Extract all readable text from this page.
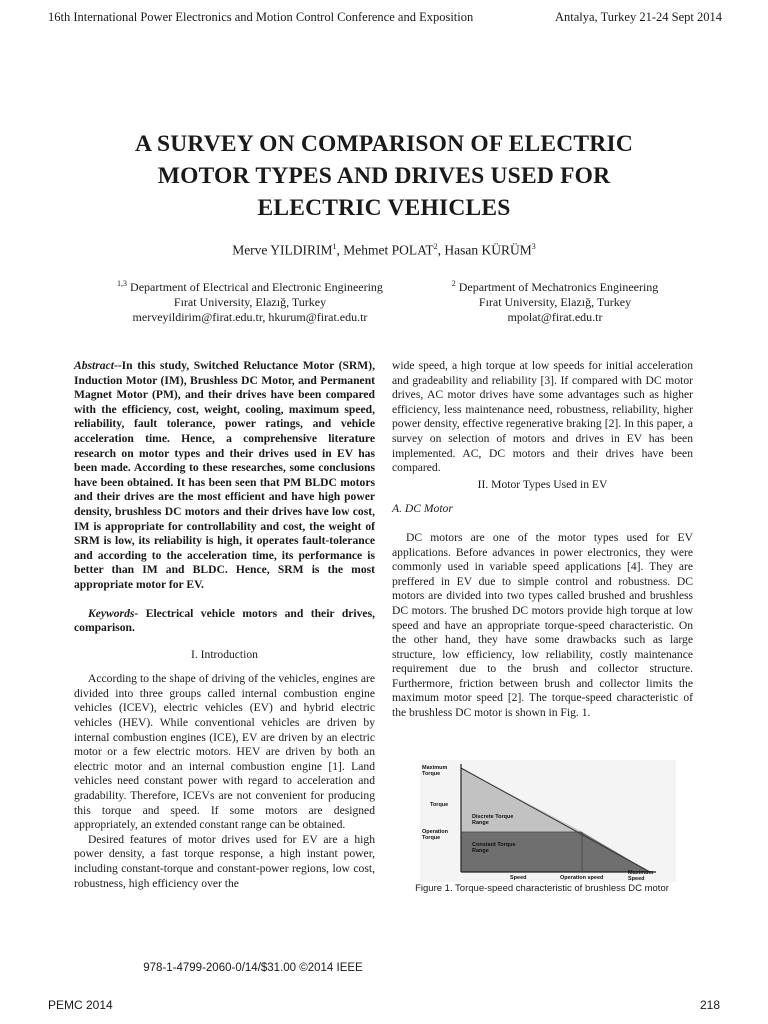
16th International Power Electronics and Motion Control Conference and Exposition	Antalya, Turkey 21-24 Sept 2014
A SURVEY ON COMPARISON OF ELECTRIC
MOTOR TYPES AND DRIVES USED FOR
ELECTRIC VEHICLES
Merve YILDIRIM$^1$, Mehmet POLAT$^2$, Hasan KÜRÜM$^3$
$^{1,3}$ Department of Electrical and Electronic Engineering
Fırat University, Elazığ, Turkey
merveyildirim@firat.edu.tr, hkurum@firat.edu.tr
$^2$ Department of Mechatronics Engineering
Fırat University, Elazığ, Turkey
mpolat@firat.edu.tr

Abstract--In this study, Switched Reluctance Motor (SRM), Induction Motor (IM), Brushless DC Motor, and Permanent Magnet Motor (PM), and their drives have been compared with the efficiency, cost, weight, cooling, maximum speed, reliability, fault tolerance, power ratings, and vehicle acceleration time. Hence, a comprehensive literature research on motor types and their drives used in EV has been made. According to these researches, some conclusions have been obtained. It has been seen that PM BLDC motors and their drives are the most efficient and have high power density, brushless DC motors and their drives have low cost, IM is appropriate for controllability and cost, the weight of SRM is low, its reliability is high, it operates fault-tolerance and according to the acceleration time, its performance is better than IM and BLDC. Hence, SRM is the most appropriate motor for EV.

Keywords- Electrical vehicle motors and their drives, comparison.

I. Introduction

According to the shape of driving of the vehicles, engines are divided into three groups called internal combustion engine vehicles (ICEV), electric vehicles (EV) and hybrid electric vehicles (HEV). While conventional vehicles are driven by internal combustion engines (ICE), EV are driven by an electric motor or a few electric motors. HEV are driven by both an electric motor and an internal combustion engine [1]. Land vehicles need constant power with regard to acceleration and gradability. Therefore, ICEVs are not convenient for producing this torque and speed. If some motors are designed appropriately, an extended constant range can be obtained.

Desired features of motor drives used for EV are a high power density, a fast torque response, a high instant power, including constant-torque and constant-power regions, low cost, robustness, high efficiency over the

wide speed, a high torque at low speeds for initial acceleration and gradeability and reliability [3]. If compared with DC motor drives, AC motor drives have some advantages such as higher efficiency, less maintenance need, robustness, reliability, higher power density, effective regenerative braking [2]. In this paper, a survey on selection of motors and drives in EV has been implemented. AC, DC motors and their drives have been compared.

II. Motor Types Used in EV

A. DC Motor

DC motors are one of the motor types used for EV applications. Before advances in power electronics, they were commonly used in variable speed applications [4]. They are preffered in EV due to simple control and robustness. DC motors are divided into two types called brushed and brushless DC motors. The brushed DC motors provide high torque at low speed and have an appropriate torque-speed characteristic. On the other hand, they have some drawbacks such as large structure, low efficiency, low reliability, costly maintenance requirement due to the brush and collector structure. Furthermore, friction between brush and collector limits the maximum motor speed [2]. The torque-speed characteristic of the brushless DC motor is shown in Fig. 1.

Maximum
Torque
Torque
Operation
Torque
Discrete Torque
Range
Constant Torque
Range
Speed	Operation speed
Maximum
Speed
Figure 1. Torque-speed characteristic of brushless DC motor
978-1-4799-2060-0/14/$31.00 ©2014 IEEE
PEMC 2014	218
